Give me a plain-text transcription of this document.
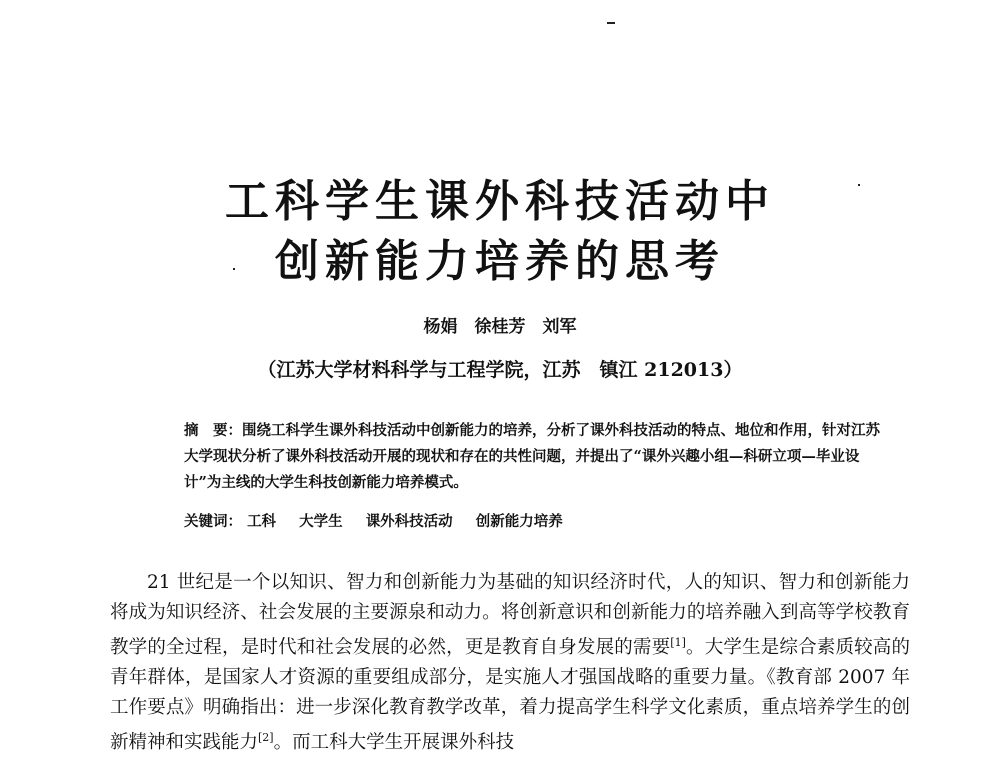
工科学生课外科技活动中
创新能力培养的思考
杨娟　徐桂芳　刘军
（江苏大学材料科学与工程学院，江苏　镇江 212013）
摘　要：围绕工科学生课外科技活动中创新能力的培养，分析了课外科技活动的特点、地位和作用，针对江苏大学现状分析了课外科技活动开展的现状和存在的共性问题，并提出了“课外兴趣小组—科研立项—毕业设计”为主线的大学生科技创新能力培养模式。
关键词： 工科 大学生 课外科技活动 创新能力培养
21 世纪是一个以知识、智力和创新能力为基础的知识经济时代，人的知识、智力和创新能力将成为知识经济、社会发展的主要源泉和动力。将创新意识和创新能力的培养融入到高等学校教育教学的全过程，是时代和社会发展的必然，更是教育自身发展的需要[1]。大学生是综合素质较高的青年群体，是国家人才资源的重要组成部分，是实施人才强国战略的重要力量。《教育部 2007 年工作要点》明确指出：进一步深化教育教学改革，着力提高学生科学文化素质，重点培养学生的创新精神和实践能力[2]。而工科大学生开展课外科技
